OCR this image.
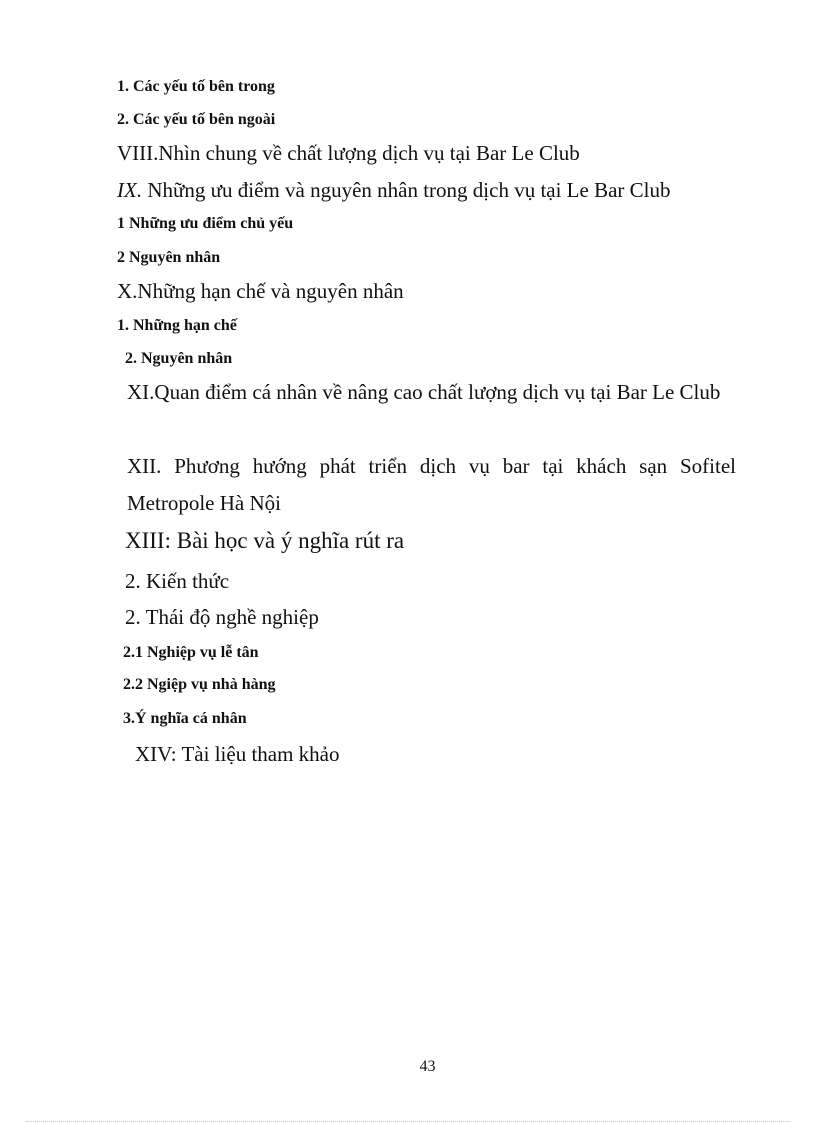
1. Các yếu tố bên trong
2. Các yếu tố bên ngoài
VIII.Nhìn chung về chất lượng dịch vụ tại Bar Le Club
IX. Những ưu điểm và nguyên nhân trong dịch vụ tại Le Bar Club
1 Những ưu điểm chủ yếu
2 Nguyên nhân
X.Những hạn chế và nguyên nhân
1. Những hạn chế
2. Nguyên nhân
XI.Quan điểm cá nhân về nâng cao chất lượng dịch vụ tại Bar Le Club
XII. Phương hướng phát triển dịch vụ bar tại khách sạn Sofitel Metropole Hà Nội
XIII: Bài học và ý nghĩa rút ra
2. Kiến thức
2. Thái độ nghề nghiệp
2.1 Nghiệp vụ lễ tân
2.2 Ngiệp vụ nhà hàng
3.Ý nghĩa cá nhân
XIV: Tài liệu tham khảo
43
